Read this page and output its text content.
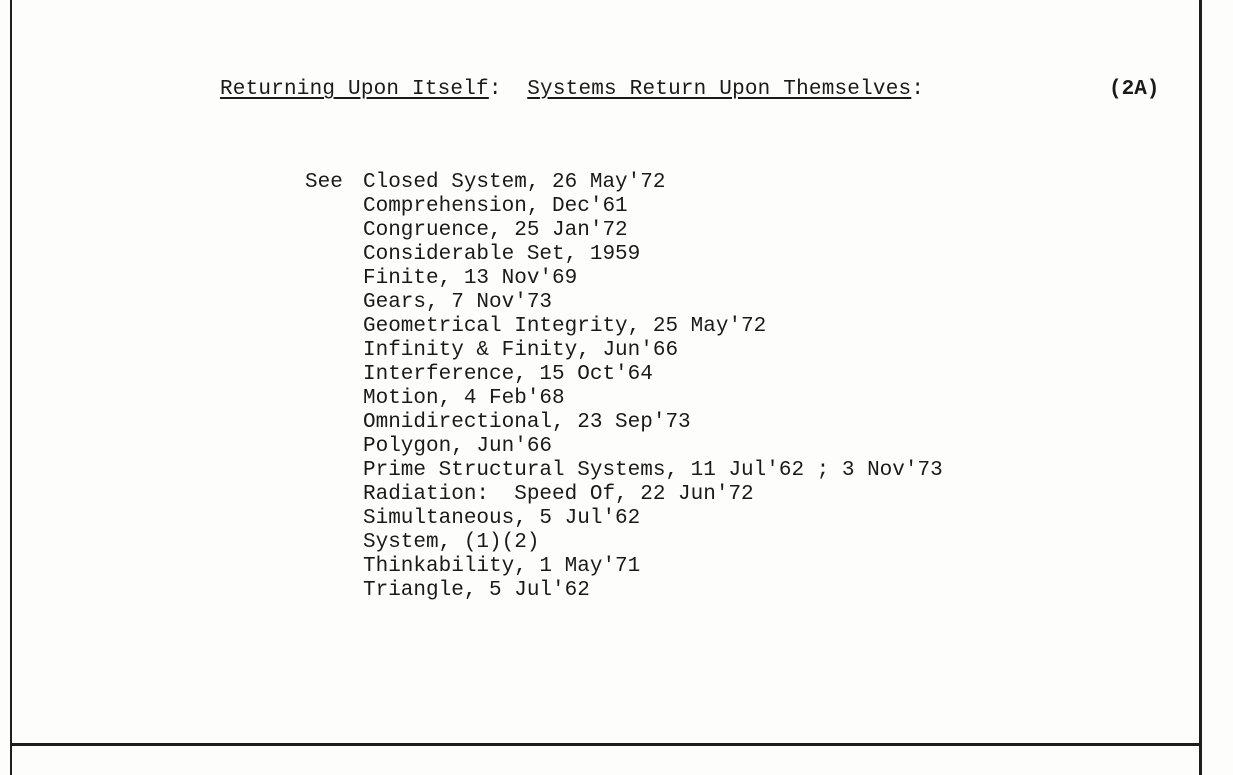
Returning Upon Itself:  Systems Return Upon Themselves:	(2A)
See Closed System, 26 May'72
Comprehension, Dec'61
Congruence, 25 Jan'72
Considerable Set, 1959
Finite, 13 Nov'69
Gears, 7 Nov'73
Geometrical Integrity, 25 May'72
Infinity & Finity, Jun'66
Interference, 15 Oct'64
Motion, 4 Feb'68
Omnidirectional, 23 Sep'73
Polygon, Jun'66
Prime Structural Systems, 11 Jul'62 ; 3 Nov'73
Radiation:  Speed Of, 22 Jun'72
Simultaneous, 5 Jul'62
System, (1)(2)
Thinkability, 1 May'71
Triangle, 5 Jul'62
